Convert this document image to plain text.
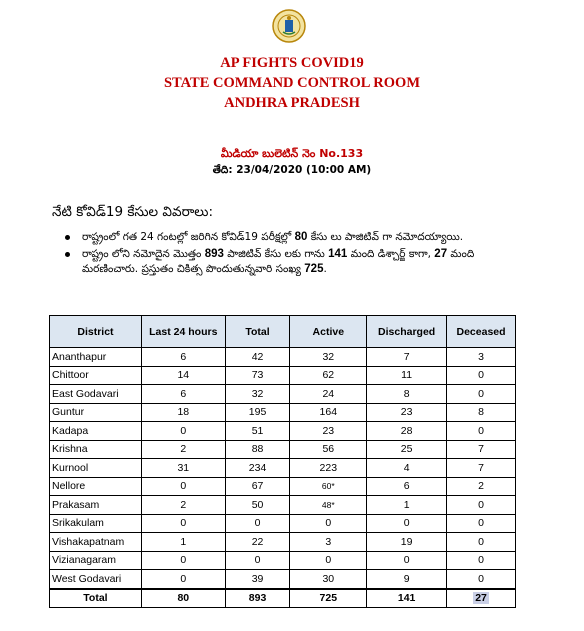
AP FIGHTS COVID19
STATE COMMAND CONTROL ROOM
ANDHRA PRADESH
మీడియా బులెటిన్ నెం No.133
తేది: 23/04/2020 (10:00 AM)
నేటి కోవిడ్19 కేసుల వివరాలు:
రాష్ట్రంలో గత 24 గంటల్లో జరిగిన కోవిడ్19 పరీక్షల్లో 80 కేసు లు పాజిటివ్ గా నమోదయ్యాయి.
రాష్ట్రం లోని నమోదైన మొత్తం 893 పాజిటివ్ కేసు లకు గాను 141 మంది డిశ్చార్జ్ కాగా, 27 మంది మరణించారు. ప్రస్తుతం చికిత్స పొందుతున్నవారి సంఖ్య 725.
District	Last 24 hours	Total	Active	Discharged	Deceased
Ananthapur	6	42	32	7	3
Chittoor	14	73	62	11	0
East Godavari	6	32	24	8	0
Guntur	18	195	164	23	8
Kadapa	0	51	23	28	0
Krishna	2	88	56	25	7
Kurnool	31	234	223	4	7
Nellore	0	67	60*	6	2
Prakasam	2	50	48*	1	0
Srikakulam	0	0	0	0	0
Vishakapatnam	1	22	3	19	0
Vizianagaram	0	0	0	0	0
West Godavari	0	39	30	9	0
Total	80	893	725	141	27
